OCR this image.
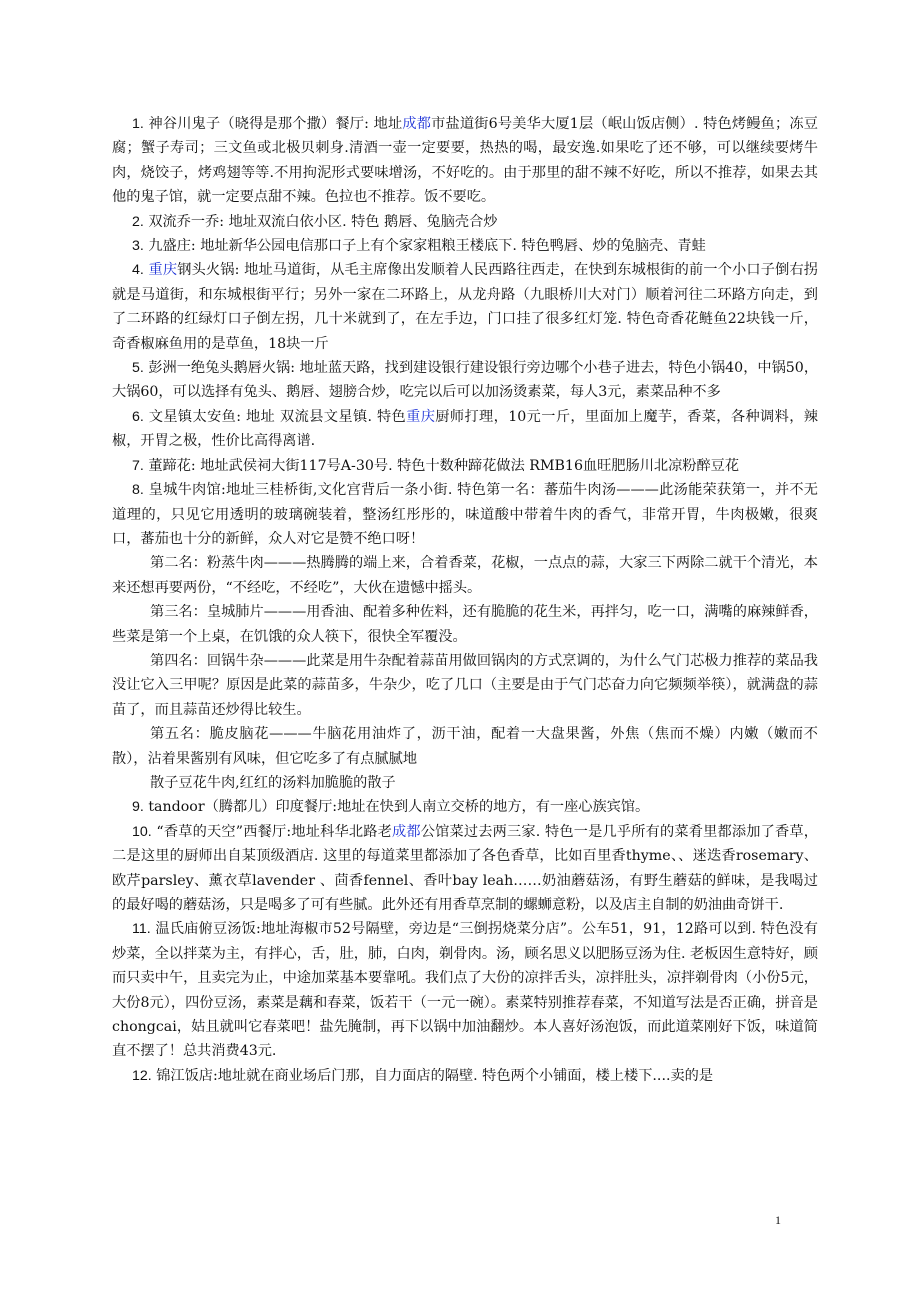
1. 神谷川鬼子（晓得是那个撒）餐厅: 地址成都市盐道街6号美华大厦1层（岷山饭店侧）. 特色烤鳗鱼；冻豆腐；蟹子寿司；三文鱼或北极贝刺身.清酒一壶一定要要，热热的喝，最安逸.如果吃了还不够，可以继续要烤牛肉，烧饺子，烤鸡翅等等.不用拘泥形式要味增汤，不好吃的。由于那里的甜不辣不好吃，所以不推荐，如果去其他的鬼子馆，就一定要点甜不辣。色拉也不推荐。饭不要吃。

2. 双流乔一乔: 地址双流白依小区. 特色 鹅唇、兔脑壳合炒

3. 九盛庄: 地址新华公园电信那口子上有个家家粗粮王楼底下. 特色鸭唇、炒的兔脑壳、青蛙

4. 重庆钢头火锅: 地址马道街，从毛主席像出发顺着人民西路往西走，在快到东城根街的前一个小口子倒右拐就是马道街，和东城根街平行；另外一家在二环路上，从龙舟路（九眼桥川大对门）顺着河往二环路方向走，到了二环路的红绿灯口子倒左拐，几十米就到了，在左手边，门口挂了很多红灯笼. 特色奇香花鲢鱼22块钱一斤，奇香椒麻鱼用的是草鱼，18块一斤

5. 彭洲一绝兔头鹅唇火锅: 地址蓝天路，找到建设银行建设银行旁边哪个小巷子进去，特色小锅40，中锅50，大锅60，可以选择有兔头、鹅唇、翅膀合炒，吃完以后可以加汤烫素菜，每人3元，素菜品种不多

6. 文星镇太安鱼: 地址 双流县文星镇. 特色重庆厨师打理，10元一斤，里面加上魔芋，香菜，各种调料，辣椒，开胃之极，性价比高得离谱.

7. 董蹄花: 地址武侯祠大街117号A-30号. 特色十数种蹄花做法 RMB16血旺肥肠川北凉粉醉豆花

8. 皇城牛肉馆:地址三桂桥街,文化宫背后一条小街. 特色第一名：蕃茄牛肉汤———此汤能荣获第一，并不无道理的，只见它用透明的玻璃碗装着，整汤红彤彤的，味道酸中带着牛肉的香气，非常开胃，牛肉极嫩，很爽口，蕃茄也十分的新鲜，众人对它是赞不绝口呀！

第二名：粉蒸牛肉———热腾腾的端上来，合着香菜，花椒，一点点的蒜，大家三下两除二就干个清光，本来还想再要两份，“不经吃，不经吃”，大伙在遗憾中摇头。

第三名：皇城肺片———用香油、配着多种佐料，还有脆脆的花生米，再拌匀，吃一口，满嘴的麻辣鲜香，些菜是第一个上桌，在饥饿的众人筷下，很快全军覆没。

第四名：回锅牛杂———此菜是用牛杂配着蒜苗用做回锅肉的方式烹调的，为什么气门芯极力推荐的菜品我没让它入三甲呢？原因是此菜的蒜苗多，牛杂少，吃了几口（主要是由于气门芯奋力向它频频举筷），就满盘的蒜苗了，而且蒜苗还炒得比较生。

第五名：脆皮脑花———牛脑花用油炸了，沥干油，配着一大盘果酱，外焦（焦而不燥）内嫩（嫩而不散），沾着果酱别有风味，但它吃多了有点腻腻地

散子豆花牛肉,红红的汤料加脆脆的散子

9. tandoor（腾都儿）印度餐厅:地址在快到人南立交桥的地方，有一座心族宾馆。

10. “香草的天空”西餐厅:地址科华北路老成都公馆菜过去两三家. 特色一是几乎所有的菜肴里都添加了香草，二是这里的厨师出自某顶级酒店. 这里的每道菜里都添加了各色香草，比如百里香thyme、、迷迭香rosemary、欧芹parsley、薰衣草lavender 、茴香fennel、香叶bay leah……奶油蘑菇汤，有野生蘑菇的鲜味，是我喝过的最好喝的蘑菇汤，只是喝多了可有些腻。此外还有用香草烹制的螺蛳意粉，以及店主自制的奶油曲奇饼干.

11. 温氏庙俯豆汤饭:地址海椒市52号隔壁，旁边是“三倒拐烧菜分店”。公车51，91，12路可以到. 特色没有炒菜，全以拌菜为主，有拌心，舌，肚，肺，白肉，剃骨肉。汤，顾名思义以肥肠豆汤为住. 老板因生意特好，顾而只卖中午，且卖完为止，中途加菜基本要靠吼。我们点了大份的凉拌舌头，凉拌肚头，凉拌剃骨肉（小份5元，大份8元），四份豆汤，素菜是藕和春菜，饭若干（一元一碗）。素菜特别推荐春菜，不知道写法是否正确，拼音是chongcai，姑且就叫它春菜吧！盐先腌制，再下以锅中加油翻炒。本人喜好汤泡饭，而此道菜刚好下饭，味道简直不摆了！总共消费43元.

12. 锦江饭店:地址就在商业场后门那，自力面店的隔壁. 特色两个小铺面，楼上楼下....卖的是

1
